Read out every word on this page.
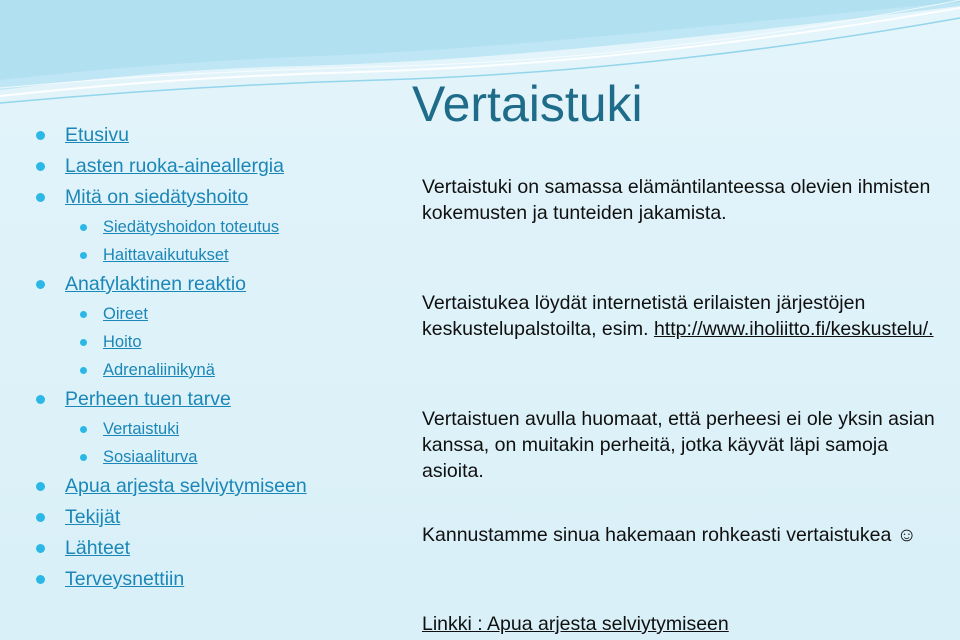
Vertaistuki
Etusivu
Lasten ruoka-aineallergia
Mitä on siedätyshoito
Siedätyshoidon toteutus
Haittavaikutukset
Anafylaktinen reaktio
Oireet
Hoito
Adrenaliinikynä
Perheen tuen tarve
Vertaistuki
Sosiaaliturva
Apua arjesta selviytymiseen
Tekijät
Lähteet
Terveysnettiin

Vertaistuki on samassa elämäntilanteessa olevien ihmisten kokemusten ja tunteiden jakamista.

Vertaistukea löydät internetistä erilaisten järjestöjen keskustelupalstoilta, esim. http://www.iholiitto.fi/keskustelu/.

Vertaistuen avulla huomaat, että perheesi ei ole yksin asian kanssa, on muitakin perheitä, jotka käyvät läpi samoja asioita.

Kannustamme sinua hakemaan rohkeasti vertaistukea ☺

Linkki : Apua arjesta selviytymiseen
